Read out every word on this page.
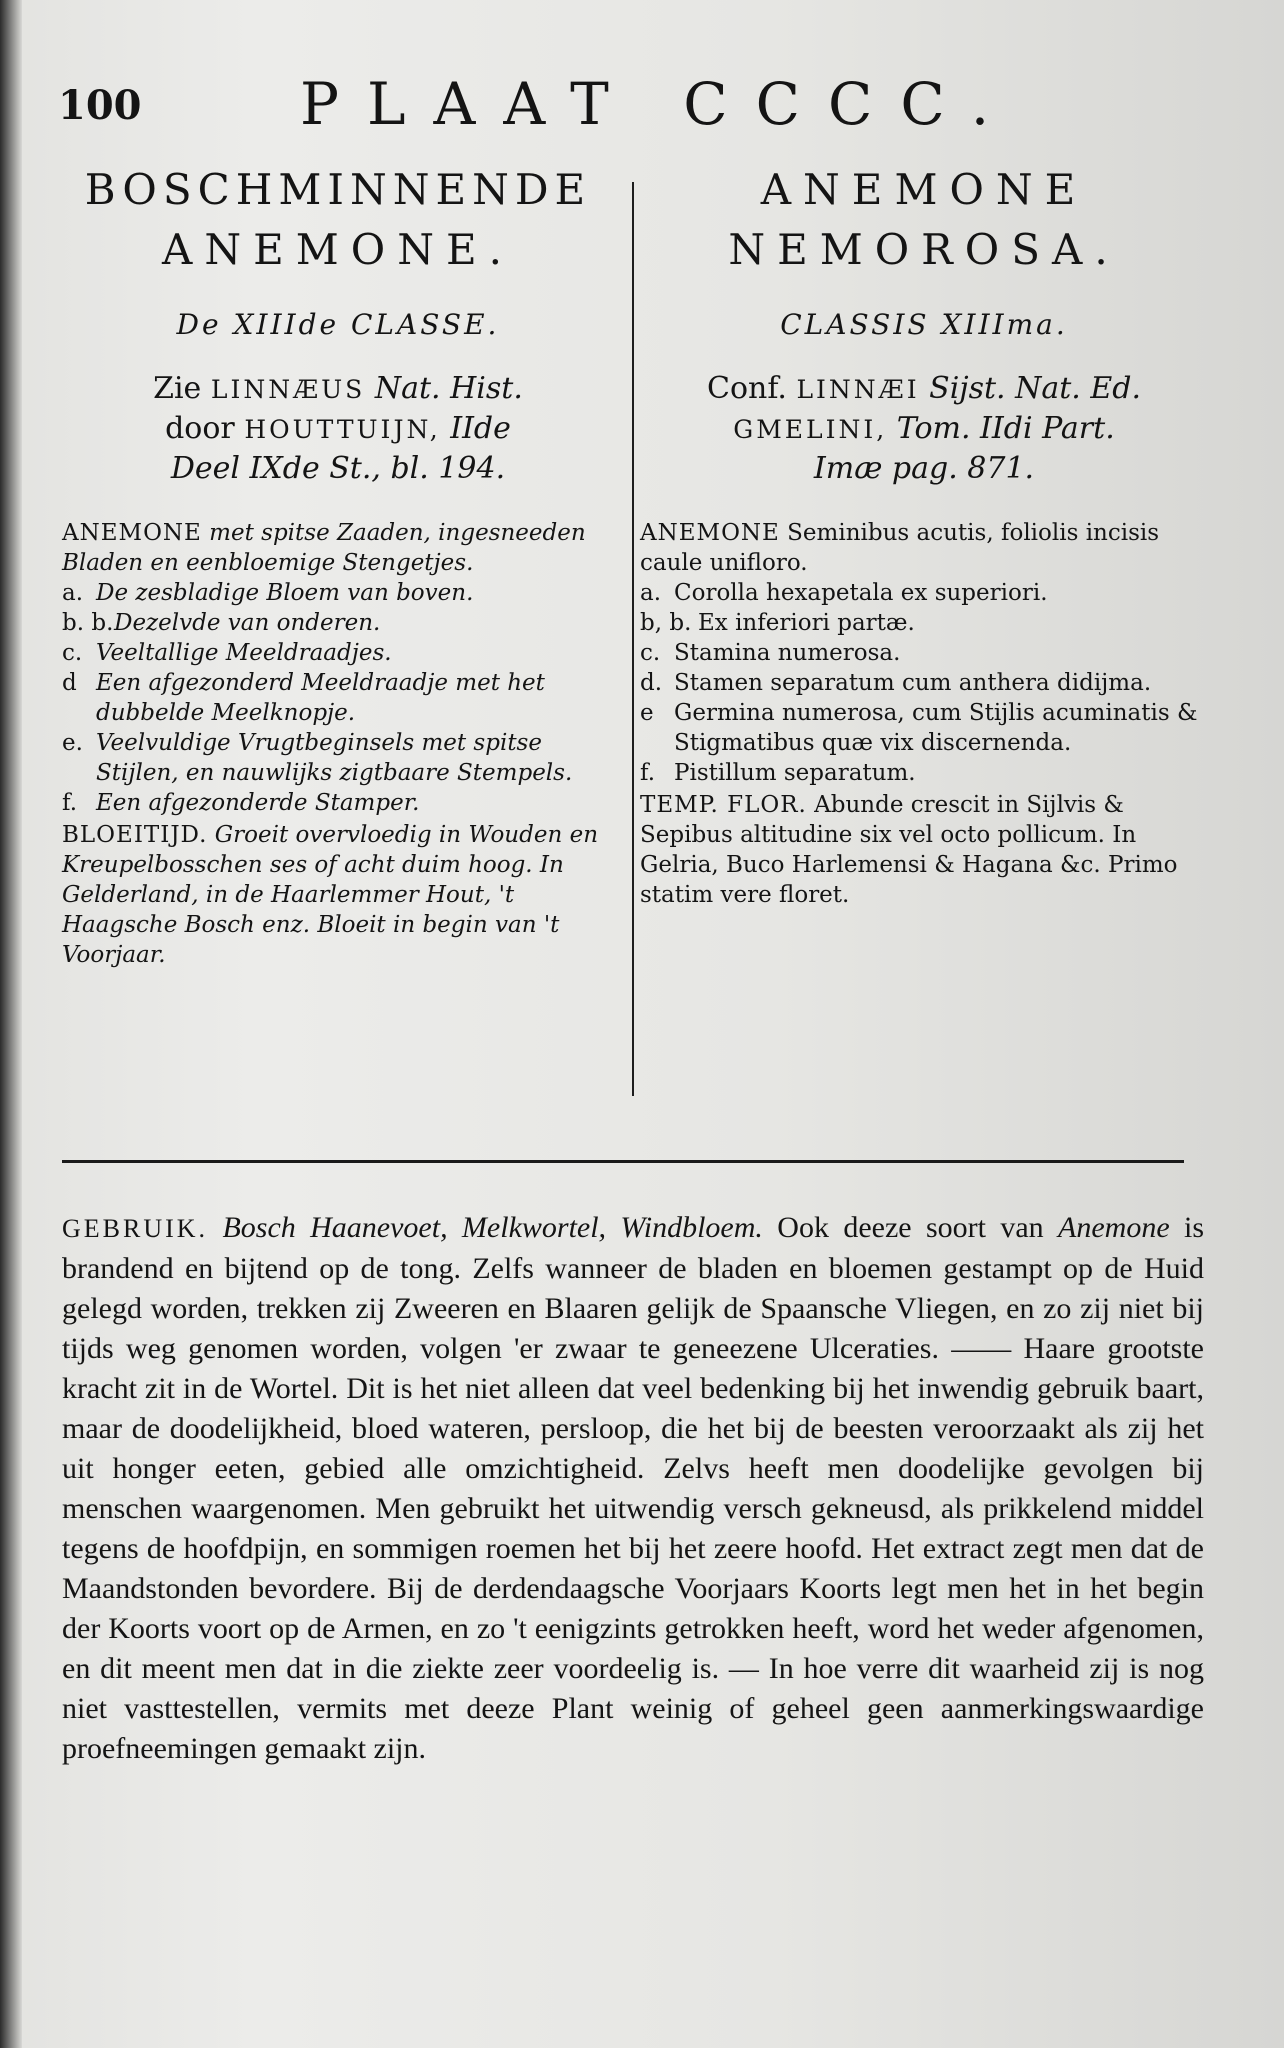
100	PLAAT CCCC.

BOSCHMINNENDE

ANEMONE.

De XIIIde CLASSE.
Zie LINNÆUS Nat. Hist.
door HOUTTUIJN, IIde
Deel IXde St., bl. 194.
ANEMONE met spitse Zaaden, ingesneeden Bladen en eenbloemige Stengetjes.
a. De zesbladige Bloem van boven.
b. b. Dezelvde van onderen.
c. Veeltallige Meeldraadjes.
d Een afgezonderd Meeldraadje met het dubbelde Meelknopje.
e. Veelvuldige Vrugtbeginsels met spitse Stijlen, en nauwlijks zigtbaare Stempels.
f. Een afgezonderde Stamper.
BLOEITIJD. Groeit overvloedig in Wouden en Kreupelbosschen ses of acht duim hoog. In Gelderland, in de Haarlemmer Hout, 't Haagsche Bosch enz. Bloeit in begin van 't Voorjaar.

ANEMONE

NEMOROSA.

CLASSIS XIIIma.
Conf. LINNÆI Sijst. Nat. Ed.
GMELINI, Tom. IIdi Part.
Imæ pag. 871.
ANEMONE Seminibus acutis, foliolis incisis caule unifloro.
a. Corolla hexapetala ex superiori.
b, b. Ex inferiori partæ.
c. Stamina numerosa.
d. Stamen separatum cum anthera didijma.
e Germina numerosa, cum Stijlis acuminatis & Stigmatibus quæ vix discernenda.
f. Pistillum separatum.
TEMP. FLOR. Abunde crescit in Sijlvis & Sepibus altitudine six vel octo pollicum. In Gelria, Buco Harlemensi & Hagana &c. Primo statim vere floret.
GEBRUIK. Bosch Haanevoet, Melkwortel, Windbloem. Ook deeze soort van Anemone is brandend en bijtend op de tong. Zelfs wanneer de bladen en bloemen gestampt op de Huid gelegd worden, trekken zij Zweeren en Blaaren gelijk de Spaansche Vliegen, en zo zij niet bij tijds weg genomen worden, volgen 'er zwaar te geneezene Ulceraties. —— Haare grootste kracht zit in de Wortel. Dit is het niet alleen dat veel bedenking bij het inwendig gebruik baart, maar de doodelijkheid, bloed wateren, persloop, die het bij de beesten veroorzaakt als zij het uit honger eeten, gebied alle omzichtigheid. Zelvs heeft men doodelijke gevolgen bij menschen waargenomen. Men gebruikt het uitwendig versch gekneusd, als prikkelend middel tegens de hoofdpijn, en sommigen roemen het bij het zeere hoofd. Het extract zegt men dat de Maandstonden bevordere. Bij de derdendaagsche Voorjaars Koorts legt men het in het begin der Koorts voort op de Armen, en zo 't eenigzints getrokken heeft, word het weder afgenomen, en dit meent men dat in die ziekte zeer voordeelig is. — In hoe verre dit waarheid zij is nog niet vasttestellen, vermits met deeze Plant weinig of geheel geen aanmerkingswaardige proefneemingen gemaakt zijn.
